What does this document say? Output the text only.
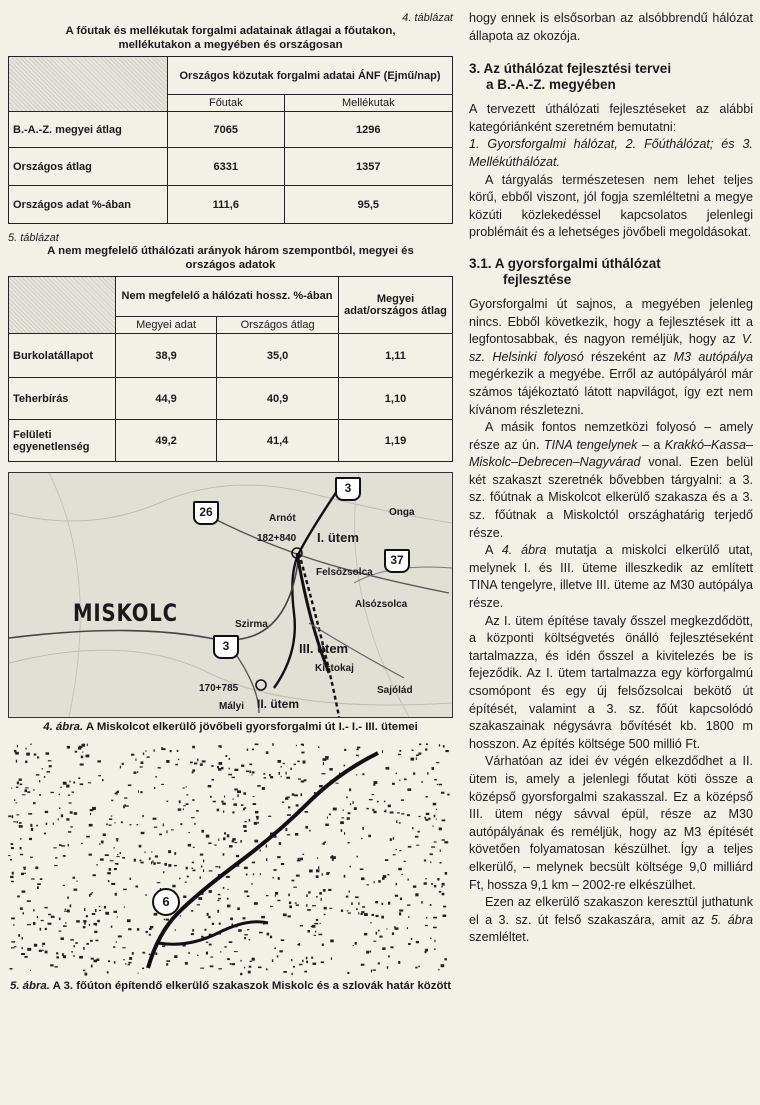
4. táblázat
A főutak és mellékutak forgalmi adatainak átlagai a főutakon, mellékutakon a megyében és országosan
	Országos közutak forgalmi adatai ÁNF (Ejmű/nap)	
	Főutak	Mellékutak
B.-A.-Z. megyei átlag	7065	1296
Országos átlag	6331	1357
Országos adat %-ában	111,6	95,5
5. táblázat
A nem megfelelő úthálózati arányok három szempontból, megyei és országos adatok
	Nem megfelelő a hálózati hossz. %-ában		Megyei adat/országos átlag
	Megyei adat	Országos átlag	
Burkolatállapot	38,9	35,0	1,11
Teherbírás	44,9	40,9	1,10
Felületi egyenetlenség	49,2	41,4	1,19
3
26
37
3
MISKOLC
Arnót
182+840 I. ütem
Onga
Felsőzsolca
Alsózsolca
Szirma
III. ütem
Kistokaj
Sajólád
170+785
Mályi II. ütem
4. ábra. A Miskolcot elkerülő jövőbeli gyorsforgalmi út I.- I.- III. ütemei
6
5. ábra. A 3. főúton építendő elkerülő szakaszok Miskolc és a szlovák határ között

hogy ennek is elsősorban az alsóbbrendű hálózat állapota az okozója.

3. Az úthálózat fejlesztési tervei
a B.-A.-Z. megyében

A tervezett úthálózati fejlesztéseket az alábbi kategóriánként szeretném bemutatni:

1. Gyorsforgalmi hálózat, 2. Főúthálózat; és 3. Mellékúthálózat.

A tárgyalás természetesen nem lehet teljes körű, ebből viszont, jól fogja szemléltetni a megye közúti közlekedéssel kapcsolatos jelenlegi problémáit és a lehetséges jövőbeli megoldásokat.

3.1. A gyorsforgalmi úthálózat
fejlesztése

Gyorsforgalmi út sajnos, a megyében jelenleg nincs. Ebből következik, hogy a fejlesztések itt a legfontosabbak, és nagyon reméljük, hogy az V. sz. Helsinki folyosó részeként az M3 autópálya megérkezik a megyébe. Erről az autópályáról már számos tájékoztató látott napvilágot, így ezt nem kívánom részletezni.

A másik fontos nemzetközi folyosó – amely része az ún. TINA tengelynek – a Krakkó–Kassa–Miskolc–Debrecen–Nagyvárad vonal. Ezen belül két szakaszt szeretnék bővebben tárgyalni: a 3. sz. főútnak a Miskolcot elkerülő szakasza és a 3. sz. főútnak a Miskolctól országhatárig terjedő része.

A 4. ábra mutatja a miskolci elkerülő utat, melynek I. és III. üteme illeszkedik az említett TINA tengelyre, illetve III. üteme az M30 autópálya része.

Az I. ütem építése tavaly ősszel megkezdődött, a központi költségvetés önálló fejlesztéseként tartalmazza, és idén ősszel a kivitelezés be is fejeződik. Az I. ütem tartalmazza egy körforgalmú csomópont és egy új felsőzsolcai bekötő út építését, valamint a 3. sz. főút kapcsolódó szakaszainak négysávra bővítését kb. 1800 m hosszon. Az építés költsége 500 millió Ft.

Várhatóan az idei év végén elkezdődhet a II. ütem is, amely a jelenlegi főutat köti össze a középső gyorsforgalmi szakasszal. Ez a középső III. ütem négy sávval épül, része az M30 autópályának és reméljük, hogy az M3 építését követően folyamatosan készülhet. Így a teljes elkerülő, – melynek becsült költsége 9,0 milliárd Ft, hossza 9,1 km – 2002-re elkészülhet.

Ezen az elkerülő szakaszon keresztül juthatunk el a 3. sz. út felső szakaszára, amit az 5. ábra szemléltet.
